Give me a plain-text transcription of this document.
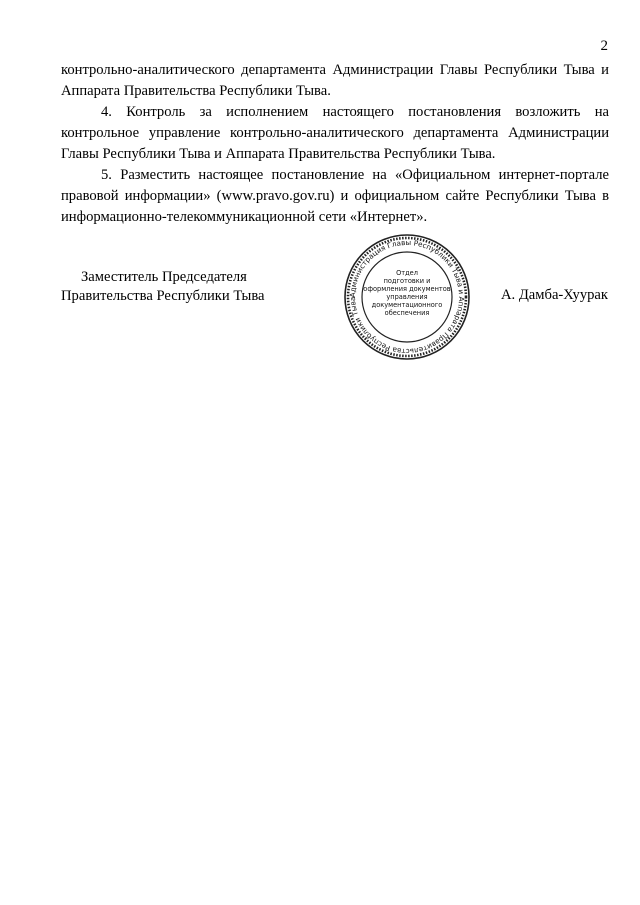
2

контрольно-аналитического департамента Администрации Главы Республики Тыва и Аппарата Правительства Республики Тыва.

4. Контроль за исполнением настоящего постановления возложить на контрольное управление контрольно-аналитического департамента Администрации Главы Республики Тыва и Аппарата Правительства Республики Тыва.

5. Разместить настоящее постановление на «Официальном интернет-портале правовой информации» (www.pravo.gov.ru) и официальном сайте Республики Тыва в информационно-телекоммуникационной сети «Интернет».

Заместитель Председателя
Правительства Республики Тыва	А. Дамба-Хуурак
Администрация Главы Республики Тыва и Аппарата Правительства Республики Тыва
Отдел
подготовки и
оформления документов
управления
документационного
обеспечения
